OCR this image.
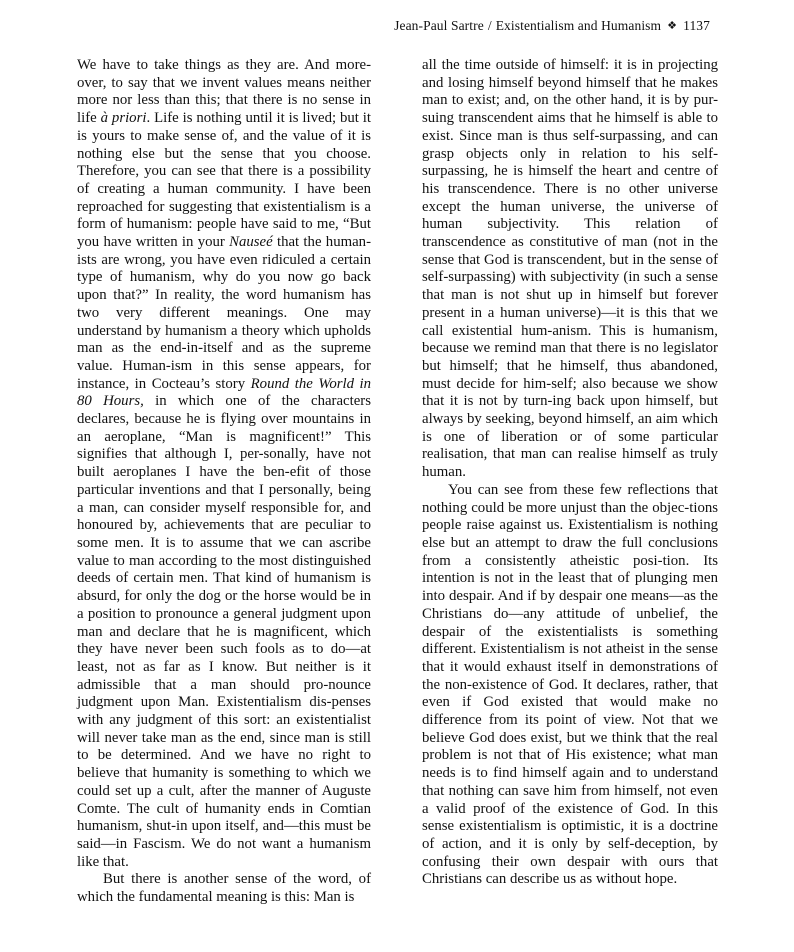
Jean-Paul Sartre / Existentialism and Humanism ❖ 1137

We have to take things as they are. And more-over, to say that we invent values means neither more nor less than this; that there is no sense in life à priori. Life is nothing until it is lived; but it is yours to make sense of, and the value of it is nothing else but the sense that you choose. Therefore, you can see that there is a possibility of creating a human community. I have been reproached for suggesting that existentialism is a form of humanism: people have said to me, “But you have written in your Nauseé that the human-ists are wrong, you have even ridiculed a certain type of humanism, why do you now go back upon that?” In reality, the word humanism has two very different meanings. One may understand by humanism a theory which upholds man as the end-in-itself and as the supreme value. Human-ism in this sense appears, for instance, in Cocteau’s story Round the World in 80 Hours, in which one of the characters declares, because he is flying over mountains in an aeroplane, “Man is magnificent!” This signifies that although I, per-sonally, have not built aeroplanes I have the ben-efit of those particular inventions and that I personally, being a man, can consider myself responsible for, and honoured by, achievements that are peculiar to some men. It is to assume that we can ascribe value to man according to the most distinguished deeds of certain men. That kind of humanism is absurd, for only the dog or the horse would be in a position to pronounce a general judgment upon man and declare that he is magnificent, which they have never been such fools as to do—at least, not as far as I know. But neither is it admissible that a man should pro-nounce judgment upon Man. Existentialism dis-penses with any judgment of this sort: an existentialist will never take man as the end, since man is still to be determined. And we have no right to believe that humanity is something to which we could set up a cult, after the manner of Auguste Comte. The cult of humanity ends in Comtian humanism, shut-in upon itself, and—this must be said—in Fascism. We do not want a humanism like that.

But there is another sense of the word, of which the fundamental meaning is this: Man is

all the time outside of himself: it is in projecting and losing himself beyond himself that he makes man to exist; and, on the other hand, it is by pur-suing transcendent aims that he himself is able to exist. Since man is thus self-surpassing, and can grasp objects only in relation to his self-surpassing, he is himself the heart and centre of his transcendence. There is no other universe except the human universe, the universe of human subjectivity. This relation of transcendence as constitutive of man (not in the sense that God is transcendent, but in the sense of self-surpassing) with subjectivity (in such a sense that man is not shut up in himself but forever present in a human universe)—it is this that we call existential hum-anism. This is humanism, because we remind man that there is no legislator but himself; that he himself, thus abandoned, must decide for him-self; also because we show that it is not by turn-ing back upon himself, but always by seeking, beyond himself, an aim which is one of liberation or of some particular realisation, that man can realise himself as truly human.

You can see from these few reflections that nothing could be more unjust than the objec-tions people raise against us. Existentialism is nothing else but an attempt to draw the full conclusions from a consistently atheistic posi-tion. Its intention is not in the least that of plunging men into despair. And if by despair one means—as the Christians do—any attitude of unbelief, the despair of the existentialists is something different. Existentialism is not atheist in the sense that it would exhaust itself in demonstrations of the non-existence of God. It declares, rather, that even if God existed that would make no difference from its point of view. Not that we believe God does exist, but we think that the real problem is not that of His existence; what man needs is to find himself again and to understand that nothing can save him from himself, not even a valid proof of the existence of God. In this sense existentialism is optimistic, it is a doctrine of action, and it is only by self-deception, by confusing their own despair with ours that Christians can describe us as without hope.
